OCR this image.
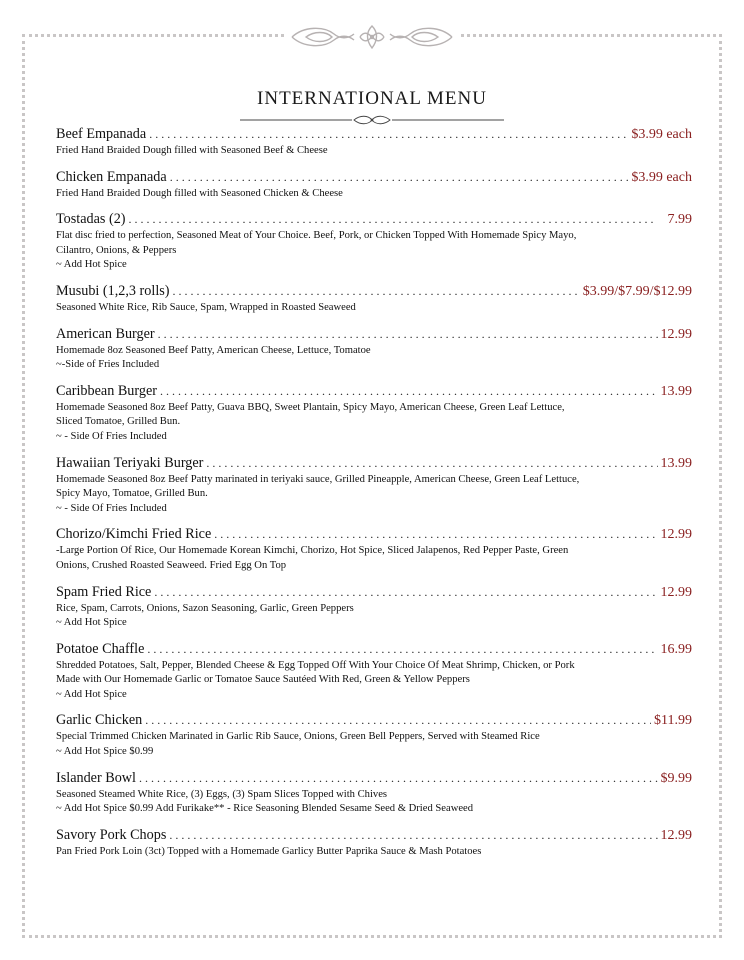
INTERNATIONAL MENU
Beef Empanada . . .	$3.99 each
Fried Hand Braided Dough filled with Seasoned Beef & Cheese
Chicken Empanada . . .	$3.99 each
Fried Hand Braided Dough filled with Seasoned Chicken & Cheese
Tostadas (2) . . .	7.99
Flat disc fried to perfection, Seasoned Meat of Your Choice. Beef, Pork, or Chicken Topped With Homemade Spicy Mayo,
Cilantro, Onions, & Peppers
~ Add Hot Spice
Musubi (1,2,3 rolls) . . .	$3.99/$7.99/$12.99
Seasoned White Rice, Rib Sauce, Spam, Wrapped in Roasted Seaweed
American Burger . . .	12.99
Homemade 8oz Seasoned Beef Patty, American Cheese, Lettuce, Tomatoe
~-Side of Fries Included
Caribbean Burger . . .	13.99
Homemade Seasoned 8oz Beef Patty, Guava BBQ, Sweet Plantain, Spicy Mayo, American Cheese, Green Leaf Lettuce,
Sliced Tomatoe, Grilled Bun.
~ - Side Of Fries Included
Hawaiian Teriyaki Burger . . .	13.99
Homemade Seasoned 8oz Beef Patty marinated in teriyaki sauce, Grilled Pineapple, American Cheese, Green Leaf Lettuce,
Spicy Mayo, Tomatoe, Grilled Bun.
~ - Side Of Fries Included
Chorizo/Kimchi Fried Rice . . .	12.99
-Large Portion Of Rice, Our Homemade Korean Kimchi, Chorizo, Hot Spice, Sliced Jalapenos, Red Pepper Paste, Green
Onions, Crushed Roasted Seaweed. Fried Egg On Top
Spam Fried Rice . . .	12.99
Rice, Spam, Carrots, Onions, Sazon Seasoning, Garlic, Green Peppers
~ Add Hot Spice
Potatoe Chaffle . . .	16.99
Shredded Potatoes, Salt, Pepper, Blended Cheese & Egg Topped Off With Your Choice Of Meat Shrimp, Chicken, or Pork
Made with Our Homemade Garlic or Tomatoe Sauce Sautéed With Red, Green & Yellow Peppers
~ Add Hot Spice
Garlic Chicken . . .	$11.99
Special Trimmed Chicken Marinated in Garlic Rib Sauce, Onions, Green Bell Peppers, Served with Steamed Rice
~ Add Hot Spice $0.99
Islander Bowl . . .	$9.99
Seasoned Steamed White Rice, (3) Eggs, (3) Spam Slices Topped with Chives
~ Add Hot Spice $0.99 Add Furikake** - Rice Seasoning Blended Sesame Seed & Dried Seaweed
Savory Pork Chops . . .	12.99
Pan Fried Pork Loin (3ct) Topped with a Homemade Garlicy Butter Paprika Sauce & Mash Potatoes
